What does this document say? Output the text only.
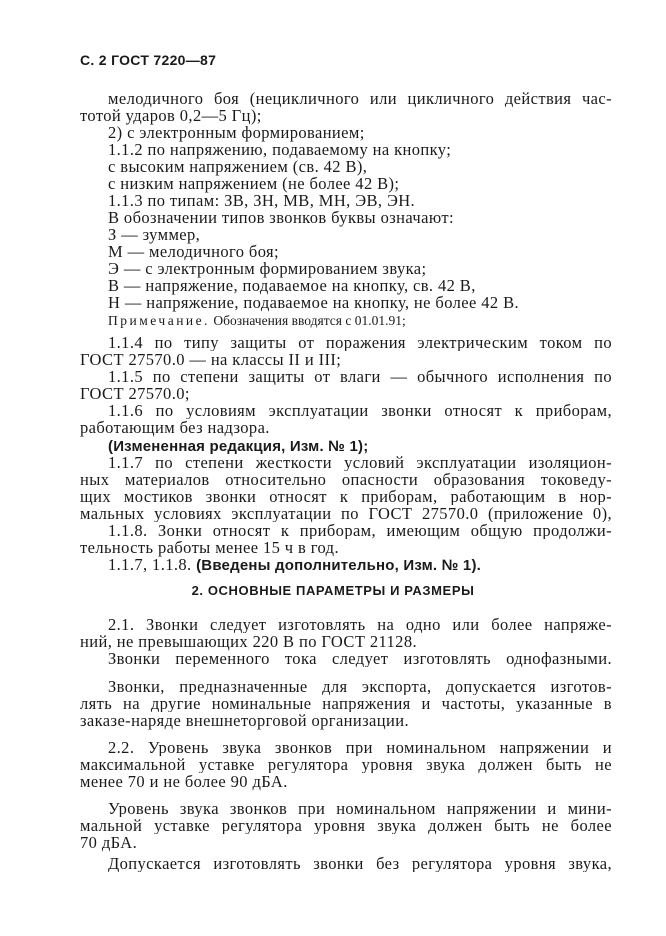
С. 2 ГОСТ 7220—87
Примечание. Обозначения вводятся с 01.01.91;
2. ОСНОВНЫЕ ПАРАМЕТРЫ И РАЗМЕРЫ
мелодичного боя (нецикличного или цикличного действия час-
тотой ударов 0,2—5 Гц);
2) с электронным формированием;
1.1.2 по напряжению, подаваемому на кнопку;
с высоким напряжением (св. 42 В),
с низким напряжением (не более 42 В);
1.1.3 по типам: ЗВ, ЗН, МВ, МН, ЭВ, ЭН.
В обозначении типов звонков буквы означают:
З — зуммер,
М — мелодичного боя;
Э — с электронным формированием звука;
В — напряжение, подаваемое на кнопку, св. 42 В,
Н — напряжение, подаваемое на кнопку, не более 42 В.
1.1.4 по типу защиты от поражения электрическим током по
ГОСТ 27570.0 — на классы II и III;
1.1.5 по степени защиты от влаги — обычного исполнения по
ГОСТ 27570.0;
1.1.6 по условиям эксплуатации звонки относят к приборам,
работающим без надзора.
(Измененная редакция, Изм. № 1);
1.1.7 по степени жесткости условий эксплуатации изоляцион-
ных материалов относительно опасности образования токоведу-
щих мостиков звонки относят к приборам, работающим в нор-
мальных условиях эксплуатации по ГОСТ 27570.0 (приложение 0),
1.1.8. Зонки относят к приборам, имеющим общую продолжи-
тельность работы менее 15 ч в год.
1.1.7, 1.1.8. (Введены дополнительно, Изм. № 1).
2.1. Звонки следует изготовлять на одно или более напряже-
ний, не превышающих 220 В по ГОСТ 21128.
Звонки переменного тока следует изготовлять однофазными.
Звонки, предназначенные для экспорта, допускается изготов-
лять на другие номинальные напряжения и частоты, указанные в
заказе-наряде внешнеторговой организации.
2.2. Уровень звука звонков при номинальном напряжении и
максимальной уставке регулятора уровня звука должен быть не
менее 70 и не более 90 дБА.
Уровень звука звонков при номинальном напряжении и мини-
мальной уставке регулятора уровня звука должен быть не более
70 дБА.
Допускается изготовлять звонки без регулятора уровня звука,
